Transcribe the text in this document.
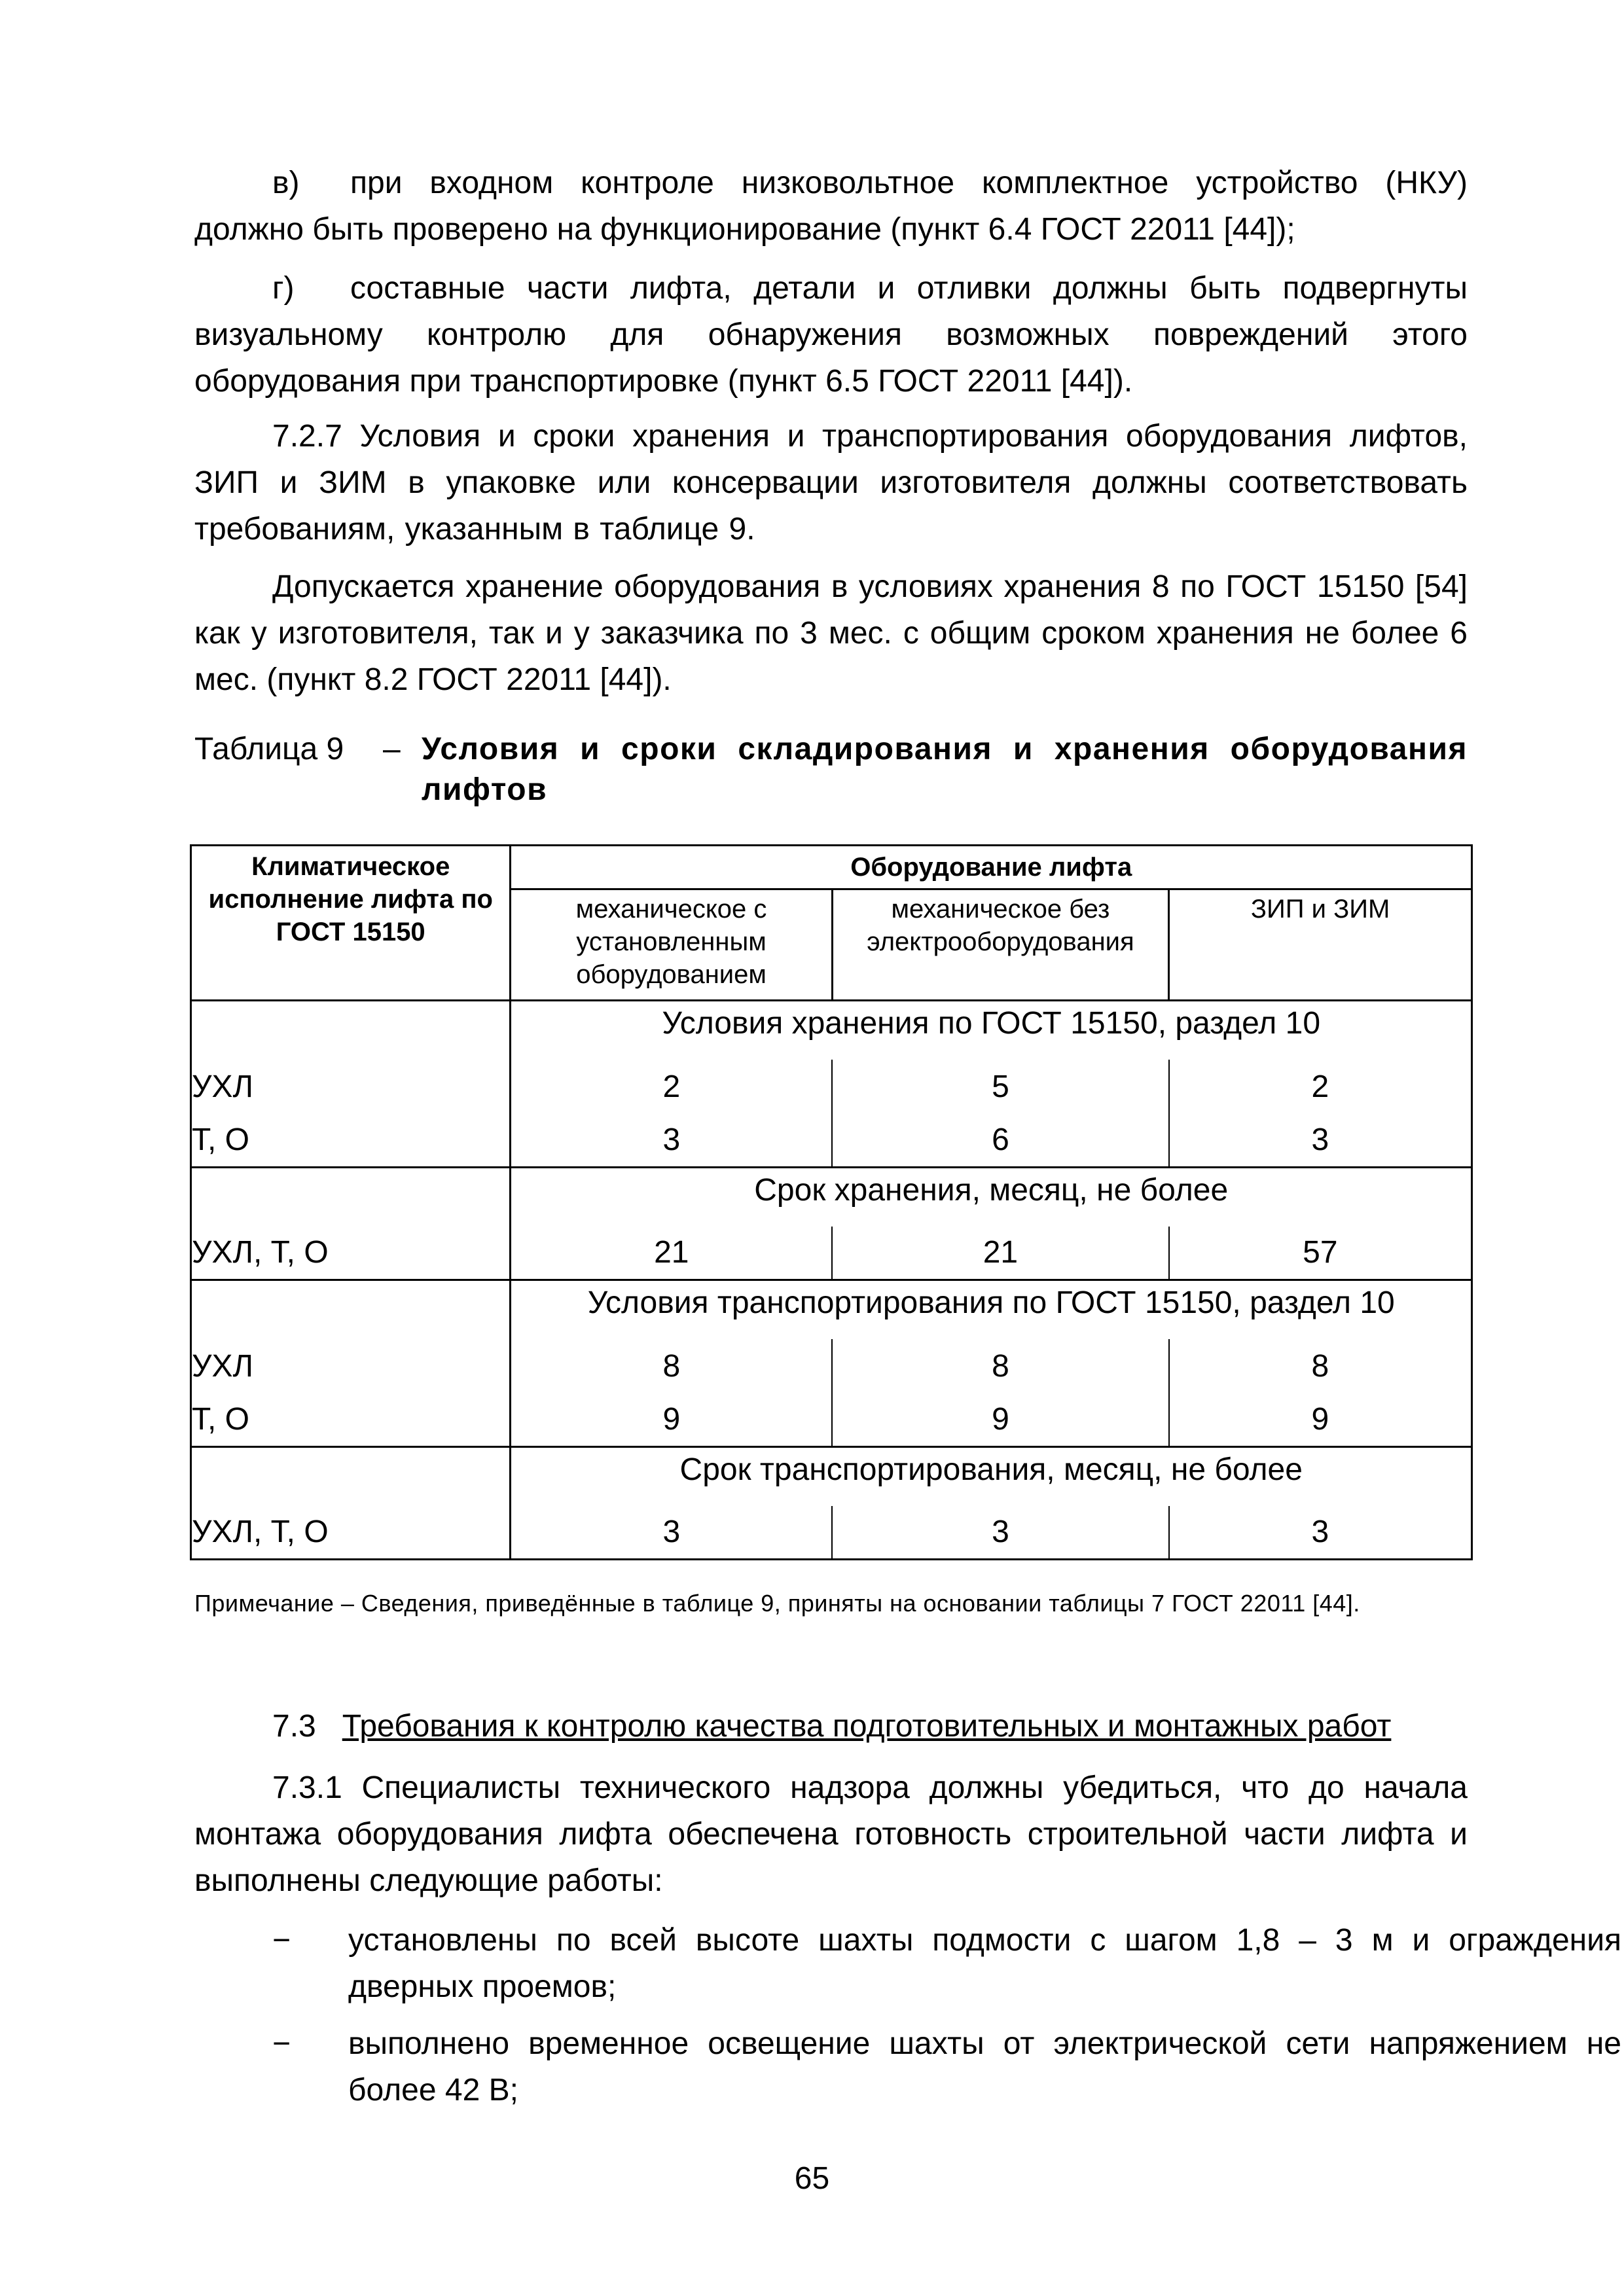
в) при входном контроле низковольтное комплектное устройство (НКУ) должно быть проверено на функционирование (пункт 6.4 ГОСТ 22011 [44]);
г) составные части лифта, детали и отливки должны быть подвергнуты визуальному контролю для обнаружения возможных повреждений этого оборудования при транспортировке (пункт 6.5 ГОСТ 22011 [44]).
7.2.7 Условия и сроки хранения и транспортирования оборудования лифтов, ЗИП и ЗИМ в упаковке или консервации изготовителя должны соответствовать требованиям, указанным в таблице 9.
Допускается хранение оборудования в условиях хранения 8 по ГОСТ 15150 [54] как у изготовителя, так и у заказчика по 3 мес. с общим сроком хранения не более 6 мес. (пункт 8.2 ГОСТ 22011 [44]).
Таблица 9 – Условия и сроки складирования и хранения оборудования лифтов
Климатическое исполнение лифта по ГОСТ 15150	Оборудование лифта		
	механическое с установленным оборудованием	механическое без электрооборудования	ЗИП и ЗИМ
	Условия хранения по ГОСТ 15150, раздел 10		
УХЛ	2	5	2
Т, О	3	6	3
	Срок хранения, месяц, не более		
УХЛ, Т, О	21	21	57
	Условия транспортирования по ГОСТ 15150, раздел 10		
УХЛ	8	8	8
Т, О	9	9	9
	Срок транспортирования, месяц, не более		
УХЛ, Т, О	3	3	3
Примечание – Сведения, приведённые в таблице 9, приняты на основании таблицы 7 ГОСТ 22011 [44].
7.3 Требования к контролю качества подготовительных и монтажных работ
7.3.1 Специалисты технического надзора должны убедиться, что до начала монтажа оборудования лифта обеспечена готовность строительной части лифта и выполнены следующие работы:
− установлены по всей высоте шахты подмости с шагом 1,8 – 3 м и ограждения дверных проемов;
− выполнено временное освещение шахты от электрической сети напряжением не более 42 В;
65
